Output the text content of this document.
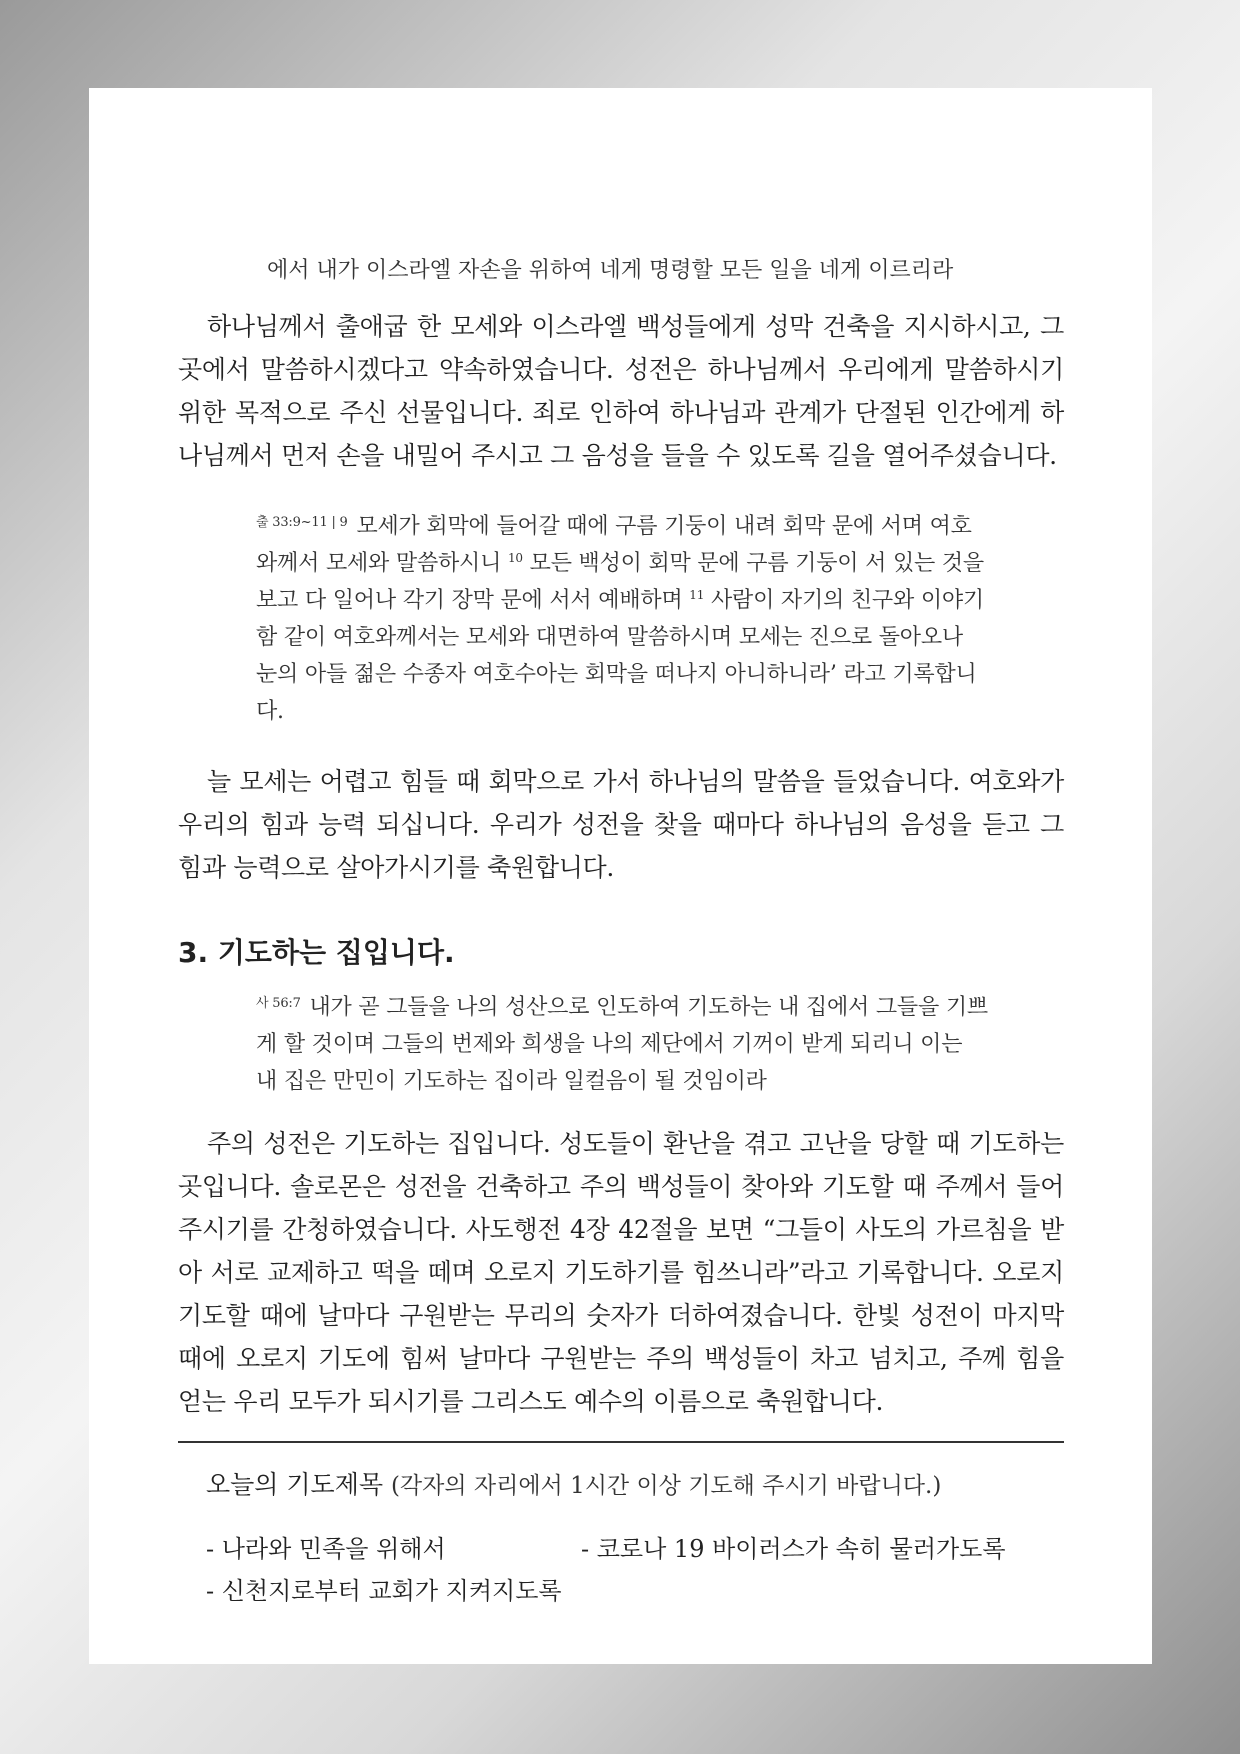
에서 내가 이스라엘 자손을 위하여 네게 명령할 모든 일을 네게 이르리라

하나님께서 출애굽 한 모세와 이스라엘 백성들에게 성막 건축을 지시하시고, 그곳에서 말씀하시겠다고 약속하였습니다. 성전은 하나님께서 우리에게 말씀하시기 위한 목적으로 주신 선물입니다. 죄로 인하여 하나님과 관계가 단절된 인간에게 하나님께서 먼저 손을 내밀어 주시고 그 음성을 들을 수 있도록 길을 열어주셨습니다.

$^{출 33:9\sim 11 | 9}$ 모세가 회막에 들어갈 때에 구름 기둥이 내려 회막 문에 서며 여호와께서 모세와 말씀하시니 $^{10}$ 모든 백성이 회막 문에 구름 기둥이 서 있는 것을 보고 다 일어나 각기 장막 문에 서서 예배하며 $^{11}$ 사람이 자기의 친구와 이야기함 같이 여호와께서는 모세와 대면하여 말씀하시며 모세는 진으로 돌아오나 눈의 아들 젊은 수종자 여호수아는 회막을 떠나지 아니하니라’ 라고 기록합니다.

늘 모세는 어렵고 힘들 때 회막으로 가서 하나님의 말씀을 들었습니다. 여호와가 우리의 힘과 능력 되십니다. 우리가 성전을 찾을 때마다 하나님의 음성을 듣고 그 힘과 능력으로 살아가시기를 축원합니다.

3. 기도하는 집입니다.

$^{사 56:7}$ 내가 곧 그들을 나의 성산으로 인도하여 기도하는 내 집에서 그들을 기쁘게 할 것이며 그들의 번제와 희생을 나의 제단에서 기꺼이 받게 되리니 이는 내 집은 만민이 기도하는 집이라 일컬음이 될 것임이라

주의 성전은 기도하는 집입니다. 성도들이 환난을 겪고 고난을 당할 때 기도하는 곳입니다. 솔로몬은 성전을 건축하고 주의 백성들이 찾아와 기도할 때 주께서 들어주시기를 간청하였습니다. 사도행전 4장 42절을 보면 “그들이 사도의 가르침을 받아 서로 교제하고 떡을 떼며 오로지 기도하기를 힘쓰니라”라고 기록합니다. 오로지 기도할 때에 날마다 구원받는 무리의 숫자가 더하여졌습니다. 한빛 성전이 마지막 때에 오로지 기도에 힘써 날마다 구원받는 주의 백성들이 차고 넘치고, 주께 힘을 얻는 우리 모두가 되시기를 그리스도 예수의 이름으로 축원합니다.

오늘의 기도제목 (각자의 자리에서 1시간 이상 기도해 주시기 바랍니다.)

- 나라와 민족을 위해서	- 코로나 19 바이러스가 속히 물러가도록
- 신천지로부터 교회가 지켜지도록
